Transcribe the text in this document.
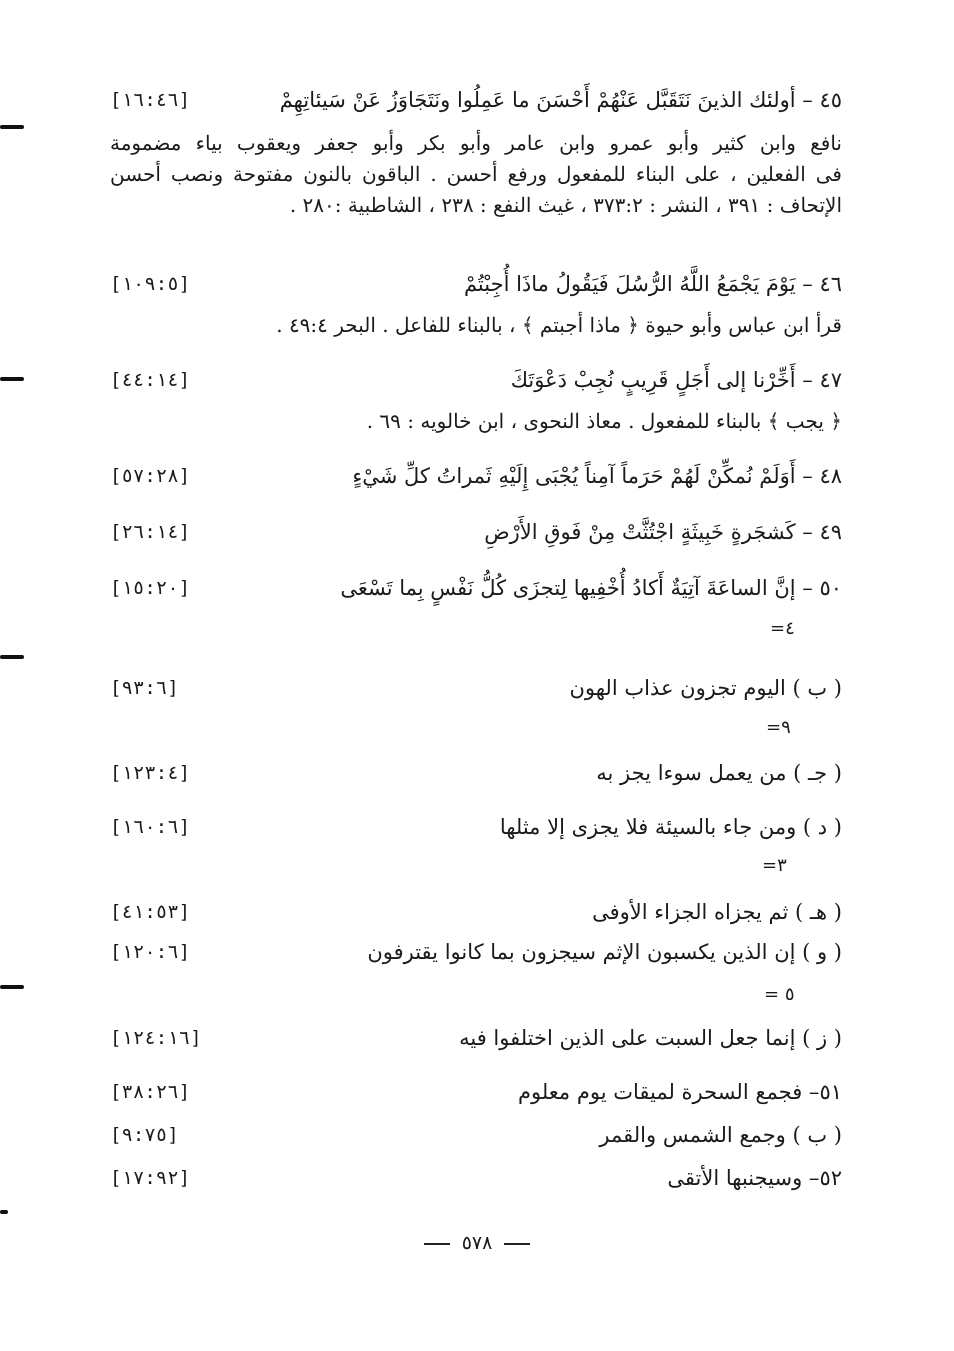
٤٥ – أولئك الذينَ نَتَقَبَّل عَنْهُمْ أَحْسَنَ ما عَمِلُوا ونَتَجَاوَزُ عَنْ سَيئاتِهِمْ
[١٦:٤٦]
نافع وابن كثير وأبو عمرو وابن عامر وأبو بكر وأبو جعفر ويعقوب بياء مضمومة
فى الفعلين ، على البناء للمفعول ورفع أحسن . الباقون بالنون مفتوحة ونصب أحسن
الإتحاف : ٣٩١ ، النشر : ٣٧٣:٢ ، غيث النفع : ٢٣٨ ، الشاطبية :٢٨٠ .
٤٦ – يَوْمَ يَجْمَعُ اللَّهُ الرُّسُلَ فَيَقُولُ ماذَا أُجِبْتُمْ
[١٠٩:٥]
قرأ ابن عباس وأبو حيوة ﴿ ماذا أجبتم ﴾ ، بالبناء للفاعل . البحر ٤٩:٤ .
٤٧ – أَخِّرْنا إلى أَجَلٍ قَرِيبٍ نُجِبْ دَعْوَتَكَ
[٤٤:١٤]
﴿ يجب ﴾ بالبناء للمفعول . معاذ النحوى ، ابن خالويه : ٦٩ .
٤٨ – أَوَلَمْ نُمكِّنْ لَهُمْ حَرَماً آمِناً يُجْبَى إِلَيْهِ ثَمراتُ كلِّ شَيْءٍ
[٥٧:٢٨]
٤٩ – كَشجَرةٍ خَبِيثَةٍ اجْتُثَّتْ مِنْ فَوقِ الأَرْضِ
[٢٦:١٤]
٥٠ – إنَّ الساعَةَ آتِيَةٌ أَكادُ أُخْفِيها لِتجزَى كُلُّ نَفْسٍ بِما تَسْعَى
[١٥:٢٠]
٤=
( ب ) اليوم تجزون عذاب الهون
[٩٣:٦]
٩=
( جـ ) من يعمل سوءا يجز به
[١٢٣:٤]
( د ) ومن جاء بالسيئة فلا يجزى إلا مثلها
[١٦٠:٦]
٣=
( هـ ) ثم يجزاه الجزاء الأوفى
[٤١:٥٣]
( و ) إن الذين يكسبون الإثم سيجزون بما كانوا يقترفون
[١٢٠:٦]
٥ =
( ز ) إنما جعل السبت على الذين اختلفوا فيه
[١٢٤:١٦]
٥١– فجمع السحرة لميقات يوم معلوم
[٣٨:٢٦]
( ب ) وجمع الشمس والقمر
[٩:٧٥]
٥٢– وسيجنبها الأتقى
[١٧:٩٢]
٥٧٨
